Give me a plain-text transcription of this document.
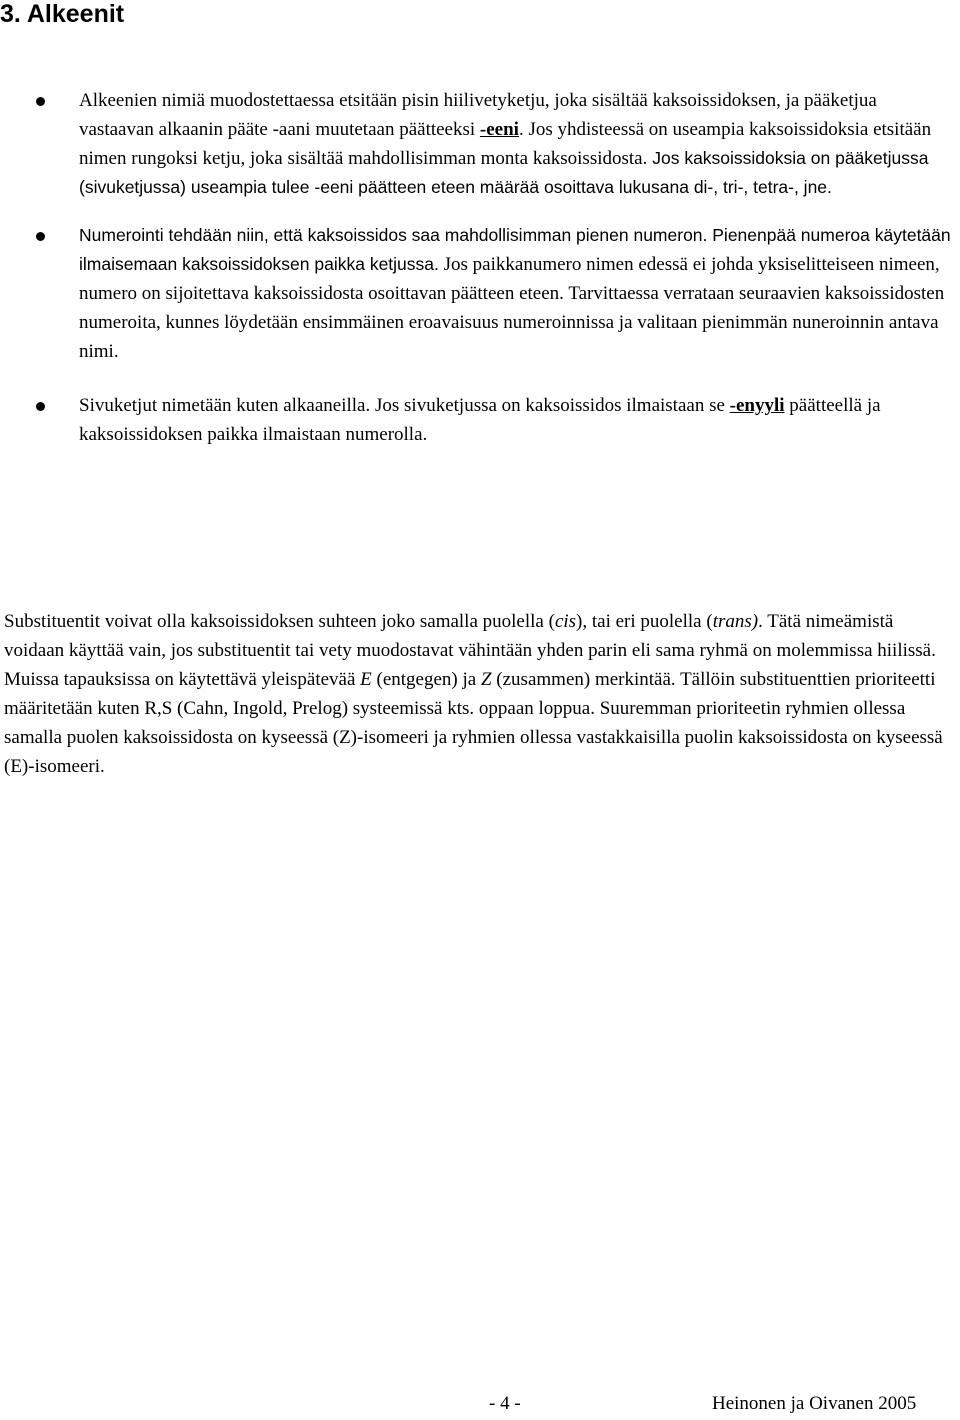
3. Alkeenit
Alkeenien nimiä muodostettaessa etsitään pisin hiilivetyketju, joka sisältää kaksoissidoksen, ja pääketjua vastaavan alkaanin pääte -aani muutetaan päätteeksi -eeni. Jos yhdisteessä on useampia kaksoissidoksia etsitään nimen rungoksi ketju, joka sisältää mahdollisimman monta kaksoissidosta. Jos kaksoissidoksia on pääketjussa (sivuketjussa) useampia tulee -eeni päätteen eteen määrää osoittava lukusana di-, tri-, tetra-, jne.
Numerointi tehdään niin, että kaksoissidos saa mahdollisimman pienen numeron. Pienenpää numeroa käytetään ilmaisemaan kaksoissidoksen paikka ketjussa. Jos paikkanumero nimen edessä ei johda yksiselitteiseen nimeen, numero on sijoitettava kaksoissidosta osoittavan päätteen eteen. Tarvittaessa verrataan seuraavien kaksoissidosten numeroita, kunnes löydetään ensimmäinen eroavaisuus numeroinnissa ja valitaan pienimmän nuneroinnin antava nimi.
Sivuketjut nimetään kuten alkaaneilla. Jos sivuketjussa on kaksoissidos ilmaistaan se -enyyli päätteellä ja kaksoissidoksen paikka ilmaistaan numerolla.

Substituentit voivat olla kaksoissidoksen suhteen joko samalla puolella (cis), tai eri puolella (trans). Tätä nimeämistä voidaan käyttää vain, jos substituentit tai vety muodostavat vähintään yhden parin eli sama ryhmä on molemmissa hiilissä. Muissa tapauksissa on käytettävä yleispätevää E (entgegen) ja Z (zusammen) merkintää. Tällöin substituenttien prioriteetti määritetään kuten R,S (Cahn, Ingold, Prelog) systeemissä kts. oppaan loppua. Suuremman prioriteetin ryhmien ollessa samalla puolen kaksoissidosta on kyseessä (Z)-isomeeri ja ryhmien ollessa vastakkaisilla puolin kaksoissidosta on kyseessä (E)-isomeeri.

- 4 -	Heinonen ja Oivanen 2005
